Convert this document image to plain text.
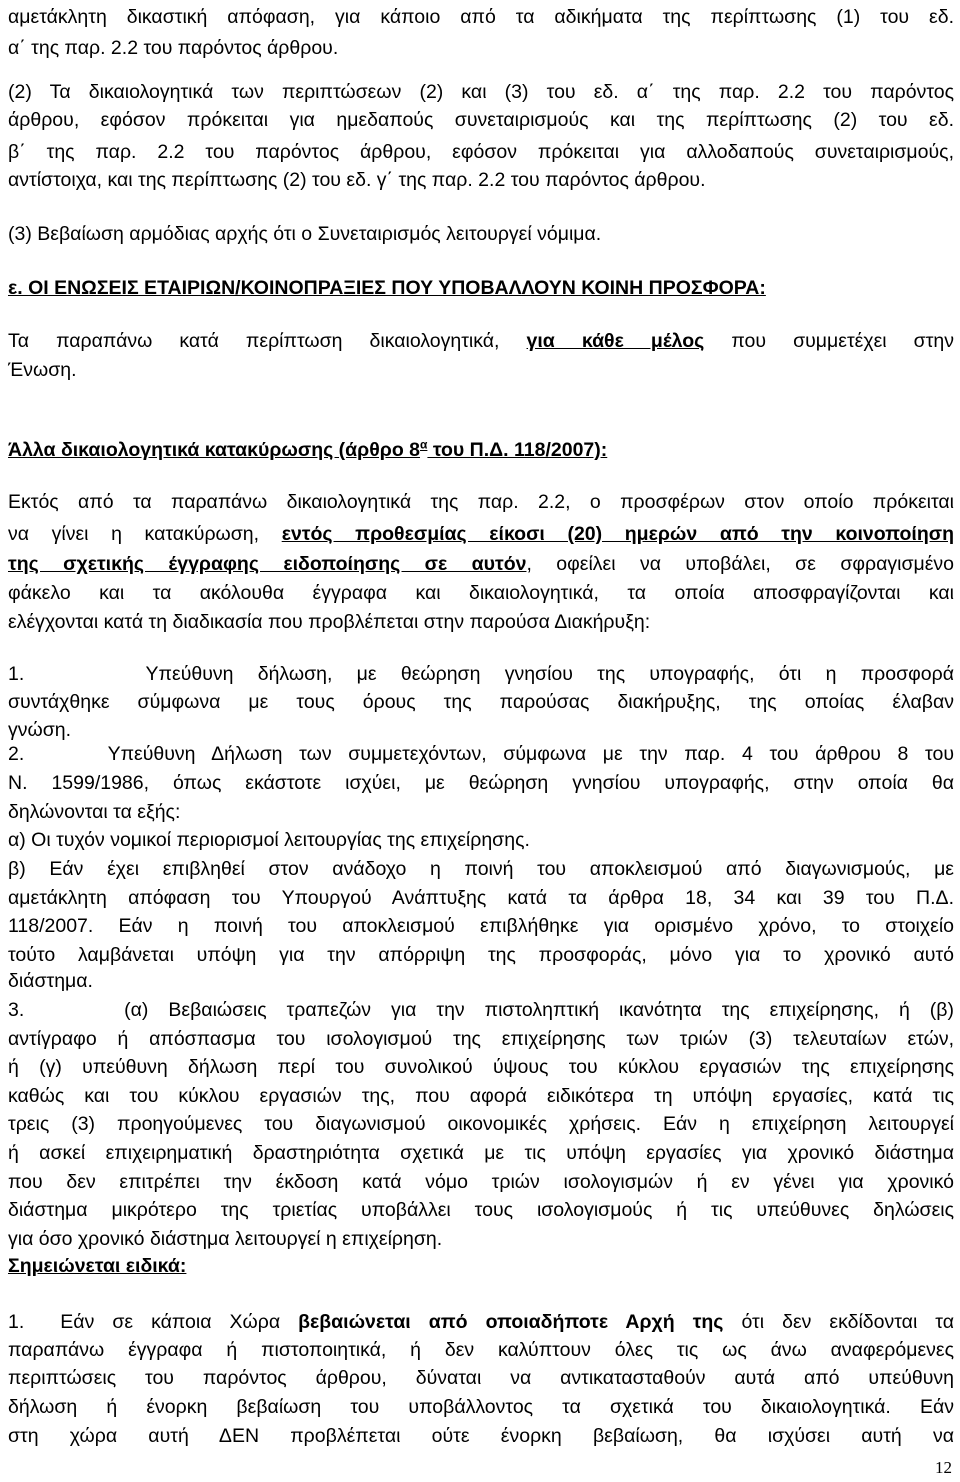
αμετάκλητη δικαστική απόφαση, για κάποιο από τα αδικήματα της περίπτωσης (1) του εδ.
α΄ της παρ. 2.2 του παρόντος άρθρου.
(2) Τα δικαιολογητικά των περιπτώσεων (2) και (3) του εδ. α΄ της παρ. 2.2 του παρόντος
άρθρου, εφόσον πρόκειται για ημεδαπούς συνεταιρισμούς και της περίπτωσης (2) του εδ.
β΄ της παρ. 2.2 του παρόντος άρθρου, εφόσον πρόκειται για αλλοδαπούς συνεταιρισμούς,
αντίστοιχα, και της περίπτωσης (2) του εδ. γ΄ της παρ. 2.2 του παρόντος άρθρου.
(3) Βεβαίωση αρμόδιας αρχής ότι ο Συνεταιρισμός λειτουργεί νόμιμα.
ε. ΟΙ ΕΝΩΣΕΙΣ ΕΤΑΙΡΙΩΝ/ΚΟΙΝΟΠΡΑΞΙΕΣ ΠΟΥ ΥΠΟΒΑΛΛΟΥΝ ΚΟΙΝΗ ΠΡΟΣΦΟΡΑ:
Τα παραπάνω κατά περίπτωση δικαιολογητικά, για κάθε μέλος που συμμετέχει στην
Ένωση.
Άλλα δικαιολογητικά κατακύρωσης (άρθρο $8^\alpha$ του Π.Δ. 118/2007):
Εκτός από τα παραπάνω δικαιολογητικά της παρ. 2.2, ο προσφέρων στον οποίο πρόκειται
να γίνει η κατακύρωση, εντός προθεσμίας είκοσι (20) ημερών από την κοινοποίηση
της σχετικής έγγραφης ειδοποίησης σε αυτόν, οφείλει να υποβάλει, σε σφραγισμένο
φάκελο και τα ακόλουθα έγγραφα και δικαιολογητικά, τα οποία αποσφραγίζονται και
ελέγχονται κατά τη διαδικασία που προβλέπεται στην παρούσα Διακήρυξη:
1.     Υπεύθυνη δήλωση, με θεώρηση γνησίου της υπογραφής, ότι η προσφορά
συντάχθηκε σύμφωνα με τους όρους της παρούσας διακήρυξης, της οποίας έλαβαν
γνώση.
2.     Υπεύθυνη Δήλωση των συμμετεχόντων, σύμφωνα με την παρ. 4 του άρθρου 8 του
Ν. 1599/1986, όπως εκάστοτε ισχύει, με θεώρηση γνησίου υπογραφής, στην οποία θα
δηλώνονται τα εξής:
α) Οι τυχόν νομικοί περιορισμοί λειτουργίας της επιχείρησης.
β) Εάν έχει επιβληθεί στον ανάδοχο η ποινή του αποκλεισμού από διαγωνισμούς, με
αμετάκλητη απόφαση του Υπουργού Ανάπτυξης κατά τα άρθρα 18, 34 και 39 του Π.Δ.
118/2007. Εάν η ποινή του αποκλεισμού επιβλήθηκε για ορισμένο χρόνο, το στοιχείο
τούτο λαμβάνεται υπόψη για την απόρριψη της προσφοράς, μόνο για το χρονικό αυτό
διάστημα.
3.     (α) Βεβαιώσεις τραπεζών για την πιστοληπτική ικανότητα της επιχείρησης, ή (β)
αντίγραφο ή απόσπασμα του ισολογισμού της επιχείρησης των τριών (3) τελευταίων ετών,
ή (γ) υπεύθυνη δήλωση περί του συνολικού ύψους του κύκλου εργασιών της επιχείρησης
καθώς και του κύκλου εργασιών της, που αφορά ειδικότερα τη υπόψη εργασίες, κατά τις
τρεις (3) προηγούμενες του διαγωνισμού οικονομικές χρήσεις. Εάν η επιχείρηση λειτουργεί
ή ασκεί επιχειρηματική δραστηριότητα σχετικά με τις υπόψη εργασίες για χρονικό διάστημα
που δεν επιτρέπει την έκδοση κατά νόμο τριών ισολογισμών ή εν γένει για χρονικό
διάστημα μικρότερο της τριετίας υποβάλλει τους ισολογισμούς ή τις υπεύθυνες δηλώσεις
για όσο χρονικό διάστημα λειτουργεί η επιχείρηση.
Σημειώνεται ειδικά:
1.  Εάν σε κάποια Χώρα βεβαιώνεται από οποιαδήποτε Αρχή της ότι δεν εκδίδονται τα
παραπάνω έγγραφα ή πιστοποιητικά, ή δεν καλύπτουν όλες τις ως άνω αναφερόμενες
περιπτώσεις του παρόντος άρθρου, δύναται να αντικατασταθούν αυτά από υπεύθυνη
δήλωση ή ένορκη βεβαίωση του υποβάλλοντος τα σχετικά του δικαιολογητικά. Εάν
στη χώρα αυτή ΔΕΝ προβλέπεται ούτε ένορκη βεβαίωση, θα ισχύσει αυτή να
12
